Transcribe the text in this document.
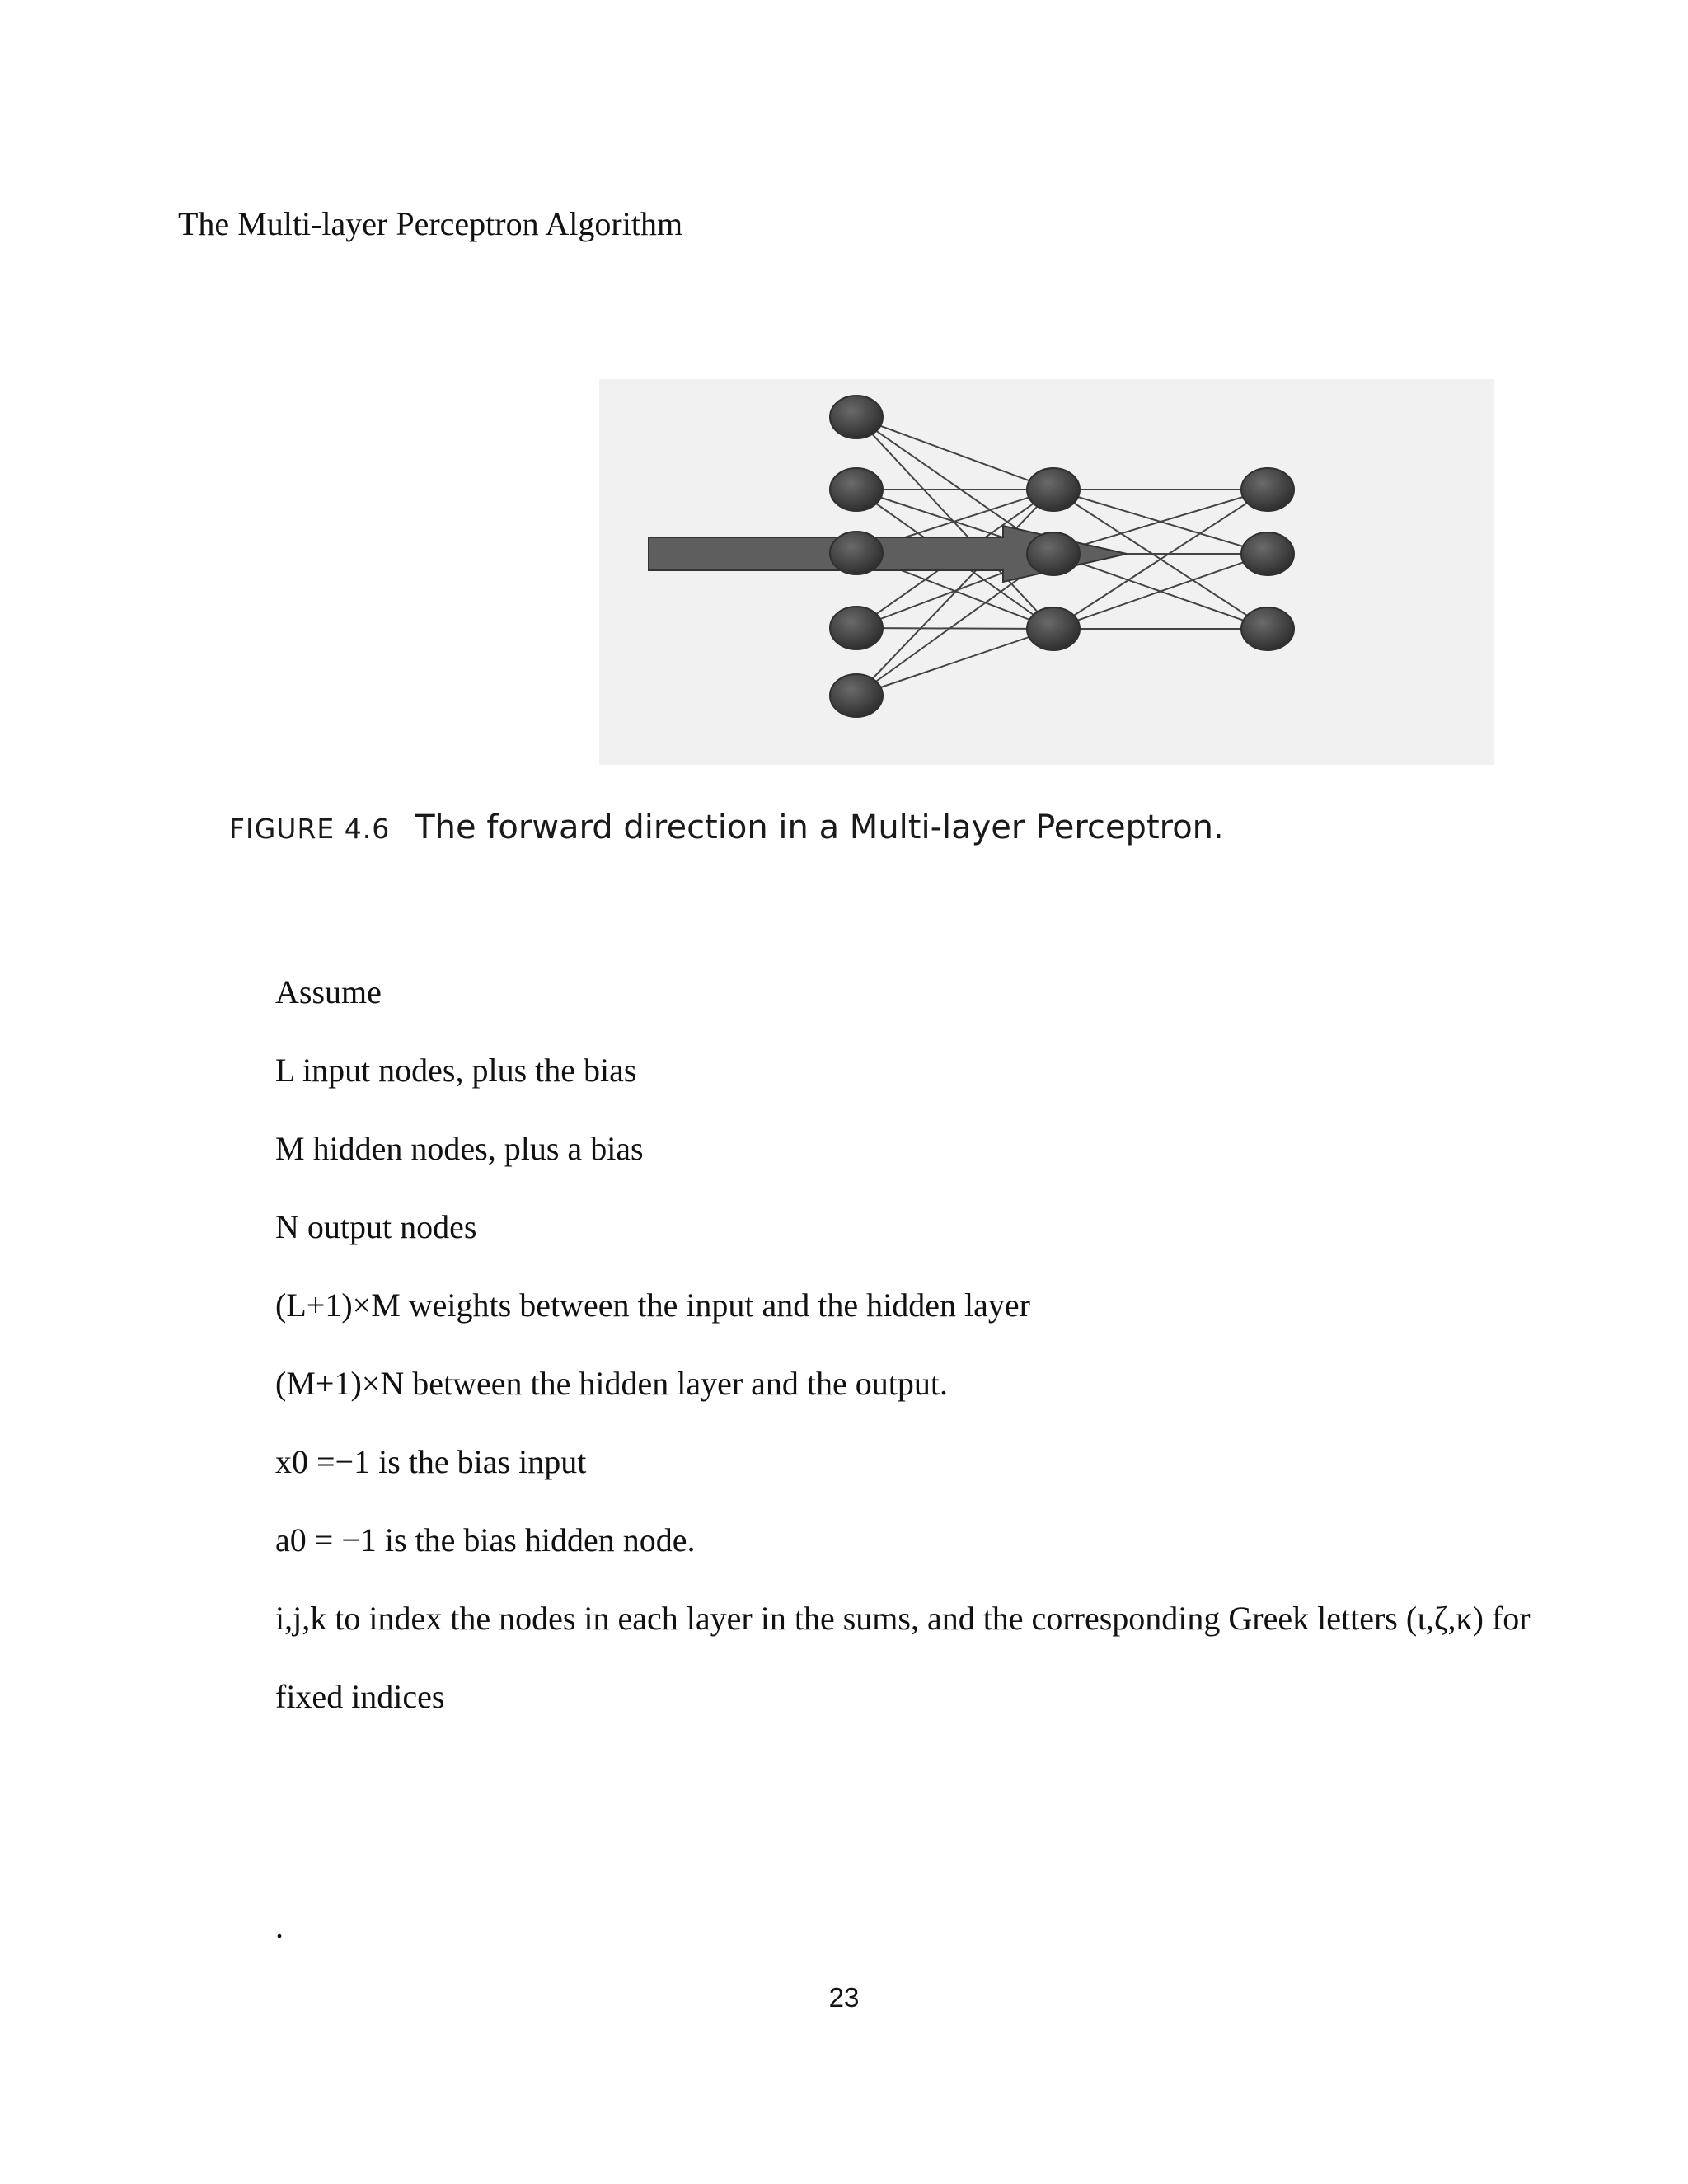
The Multi-layer Perceptron Algorithm
FIGURE 4.6 The forward direction in a Multi-layer Perceptron.
Assume
L input nodes, plus the bias
M hidden nodes, plus a bias
N output nodes
(L+1)×M weights between the input and the hidden layer
(M+1)×N between the hidden layer and the output.
x0 =−1 is the bias input
a0 = −1 is the bias hidden node.
i,j,k to index the nodes in each layer in the sums, and the corresponding Greek letters (ι,ζ,κ) for
fixed indices
.
23
